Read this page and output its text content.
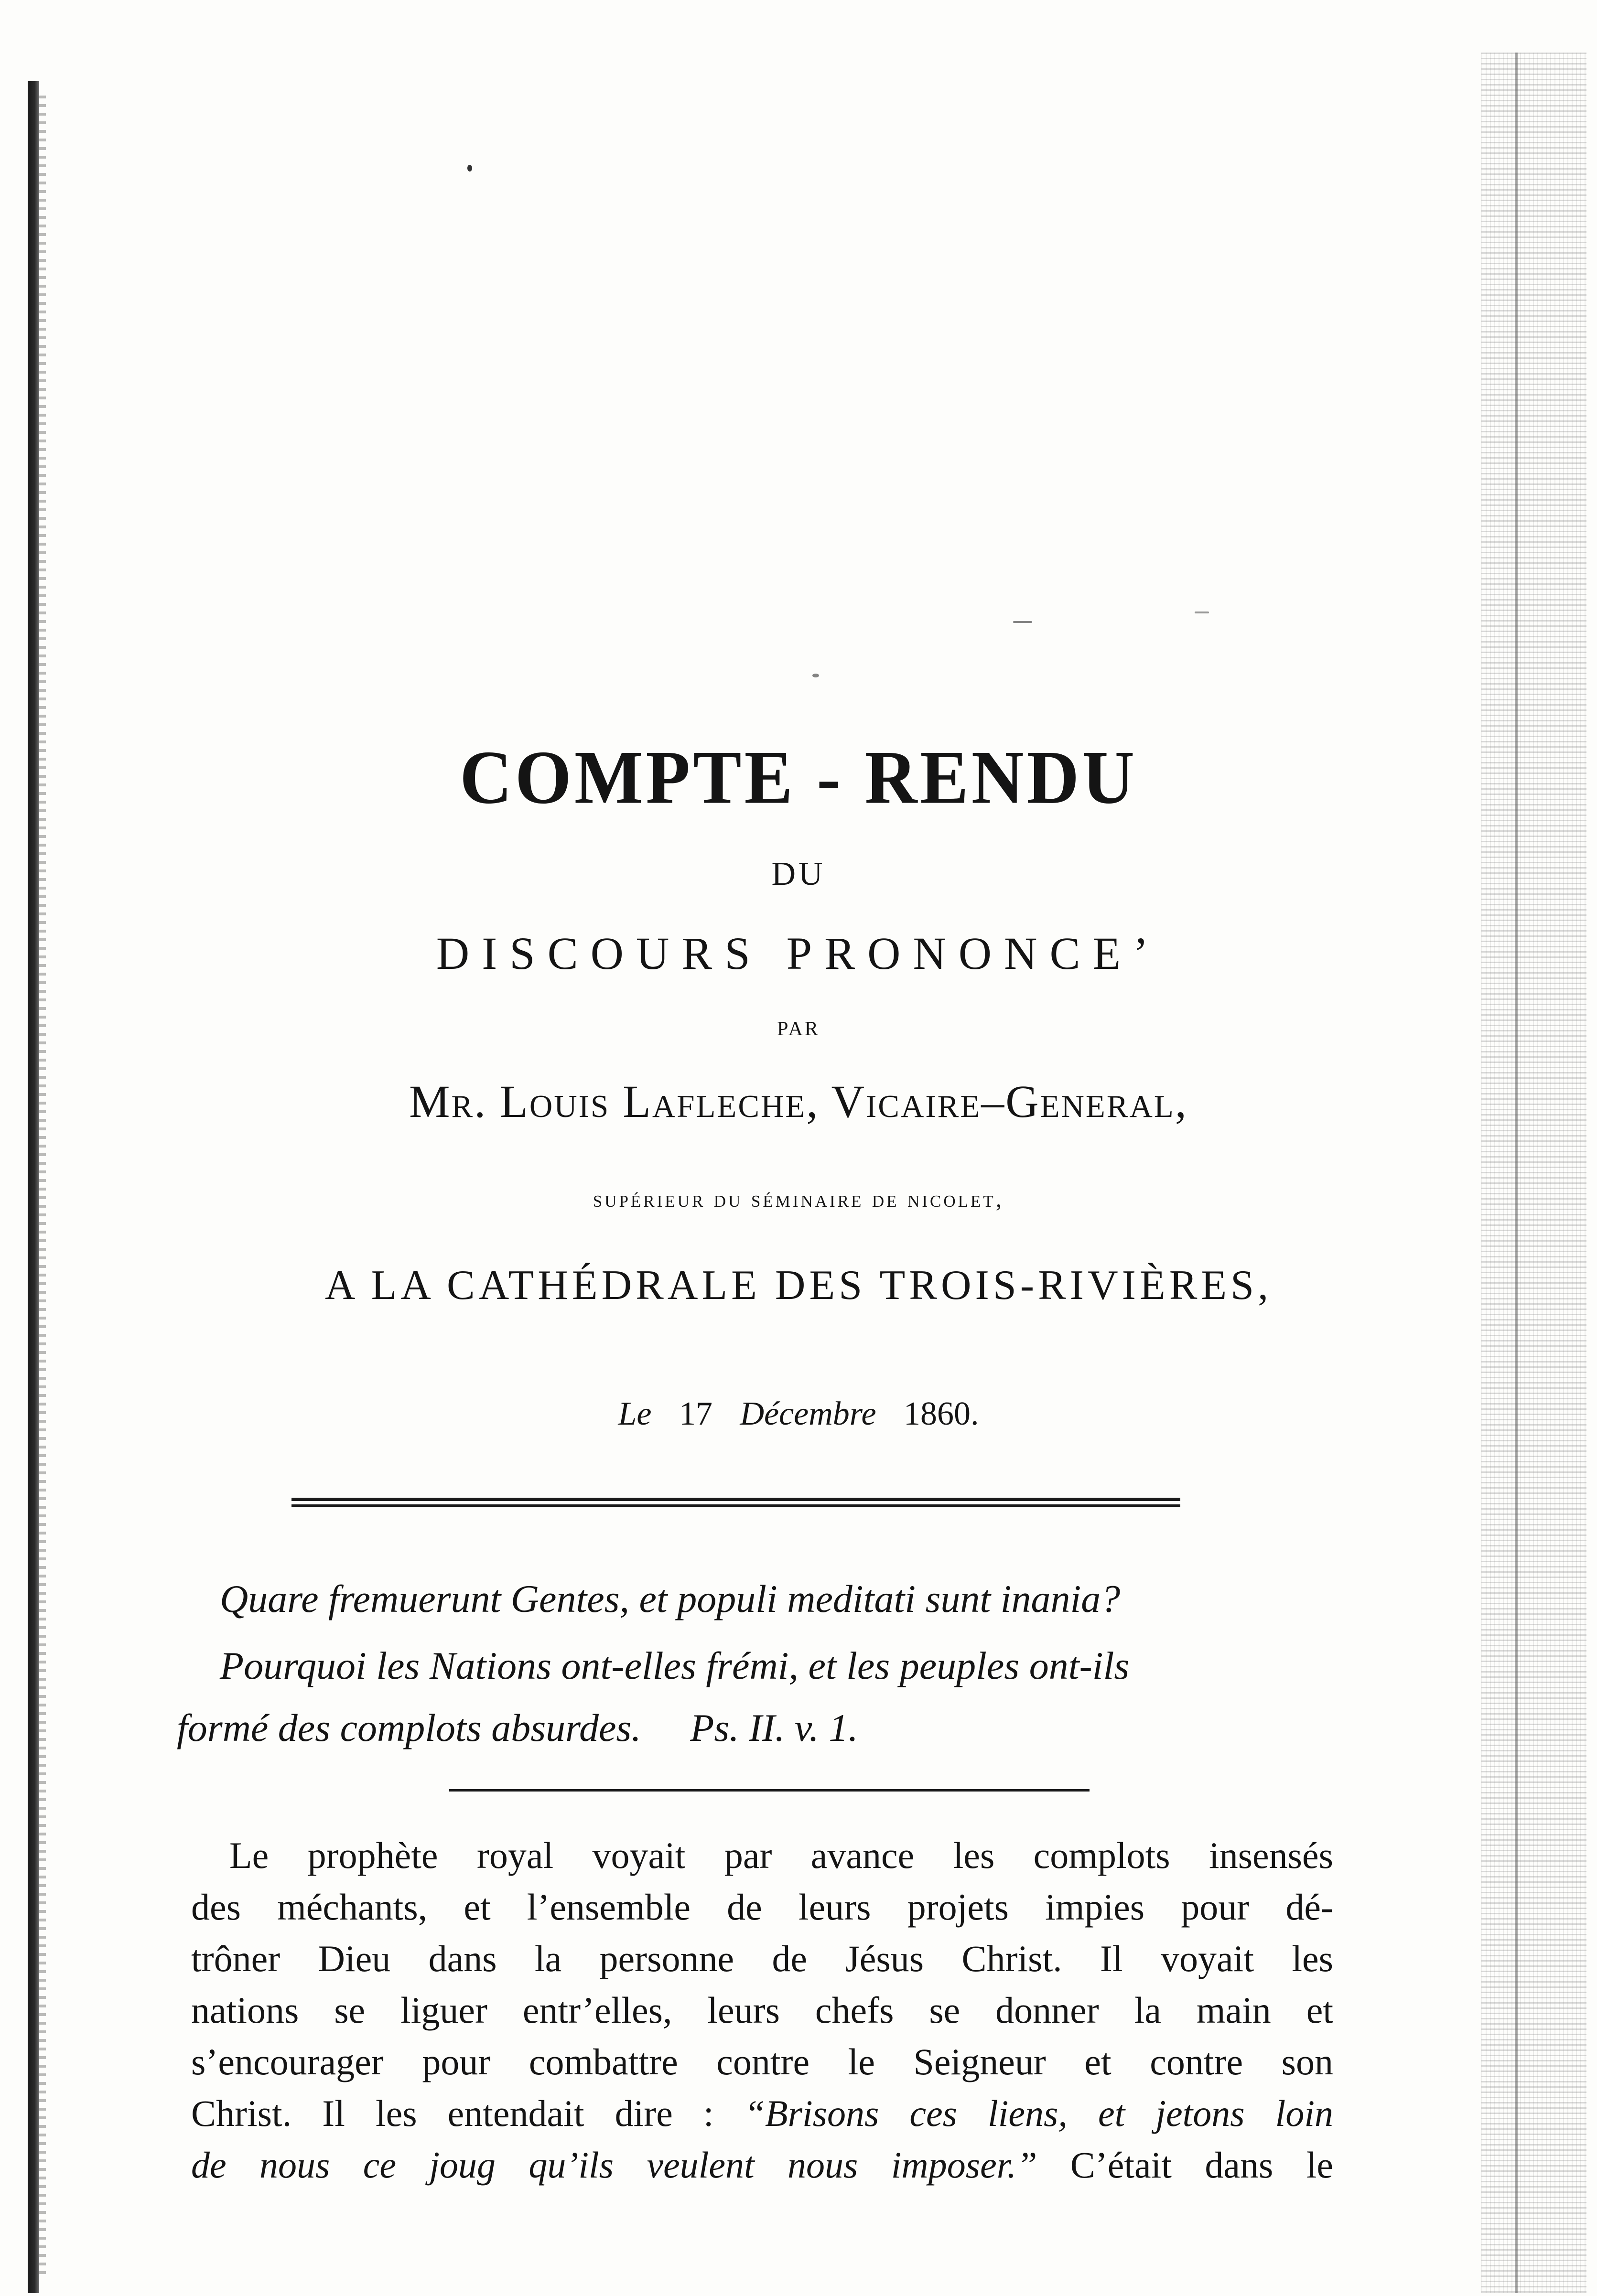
COMPTE - RENDU
DU
DISCOURS PRONONCE’
PAR
Mr. Louis Lafleche, Vicaire–General,
supérieur du séminaire de nicolet,
A LA CATHÉDRALE DES TROIS-RIVIÈRES,
Le 17 Décembre 1860.
Quare fremuerunt Gentes, et populi meditati sunt inania?
Pourquoi les Nations ont-elles frémi, et les peuples ont-ils
formé des complots absurdes. Ps. II. v. 1.
Le prophète royal voyait par avance les complots insensés
des méchants, et l’ensemble de leurs projets impies pour dé-
trôner Dieu dans la personne de Jésus Christ. Il voyait les
nations se liguer entr’elles, leurs chefs se donner la main et
s’encourager pour combattre contre le Seigneur et contre son
Christ. Il les entendait dire : “Brisons ces liens, et jetons loin
de nous ce joug qu’ils veulent nous imposer.” C’était dans le
